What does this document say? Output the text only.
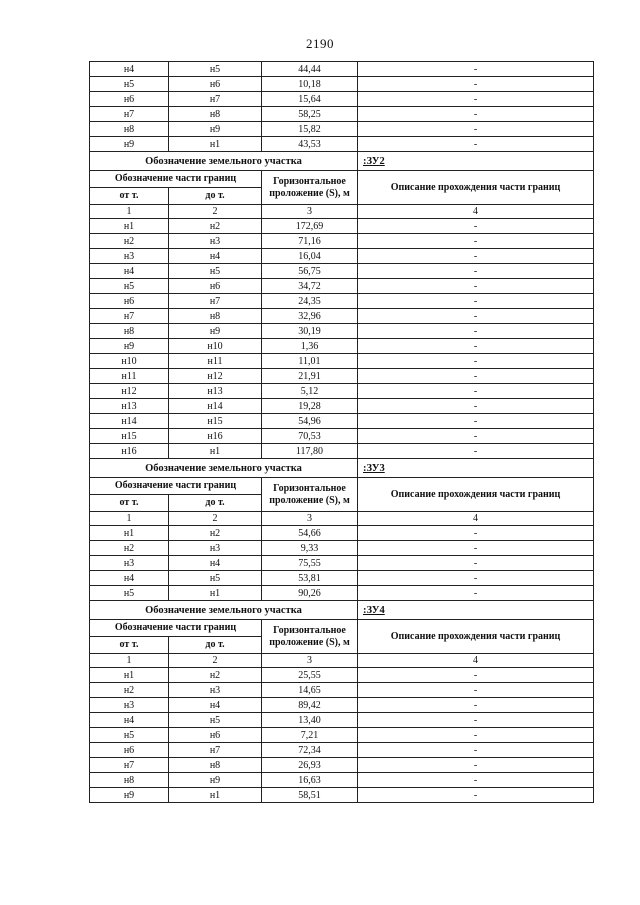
2190
н4	н5	44,44	-
н5	н6	10,18	-
н6	н7	15,64	-
н7	н8	58,25	-
н8	н9	15,82	-
н9	н1	43,53	-
Обозначение земельного участка			:ЗУ2
Обозначение части границ		Горизонтальное проложение (S), м	Описание прохождения части границ
от т.	до т.		
1	2	3	4
н1	н2	172,69	-
н2	н3	71,16	-
н3	н4	16,04	-
н4	н5	56,75	-
н5	н6	34,72	-
н6	н7	24,35	-
н7	н8	32,96	-
н8	н9	30,19	-
н9	н10	1,36	-
н10	н11	11,01	-
н11	н12	21,91	-
н12	н13	5,12	-
н13	н14	19,28	-
н14	н15	54,96	-
н15	н16	70,53	-
н16	н1	117,80	-
Обозначение земельного участка			:ЗУ3
Обозначение части границ		Горизонтальное проложение (S), м	Описание прохождения части границ
от т.	до т.		
1	2	3	4
н1	н2	54,66	-
н2	н3	9,33	-
н3	н4	75,55	-
н4	н5	53,81	-
н5	н1	90,26	-
Обозначение земельного участка			:ЗУ4
Обозначение части границ		Горизонтальное проложение (S), м	Описание прохождения части границ
от т.	до т.		
1	2	3	4
н1	н2	25,55	-
н2	н3	14,65	-
н3	н4	89,42	-
н4	н5	13,40	-
н5	н6	7,21	-
н6	н7	72,34	-
н7	н8	26,93	-
н8	н9	16,63	-
н9	н1	58,51	-
